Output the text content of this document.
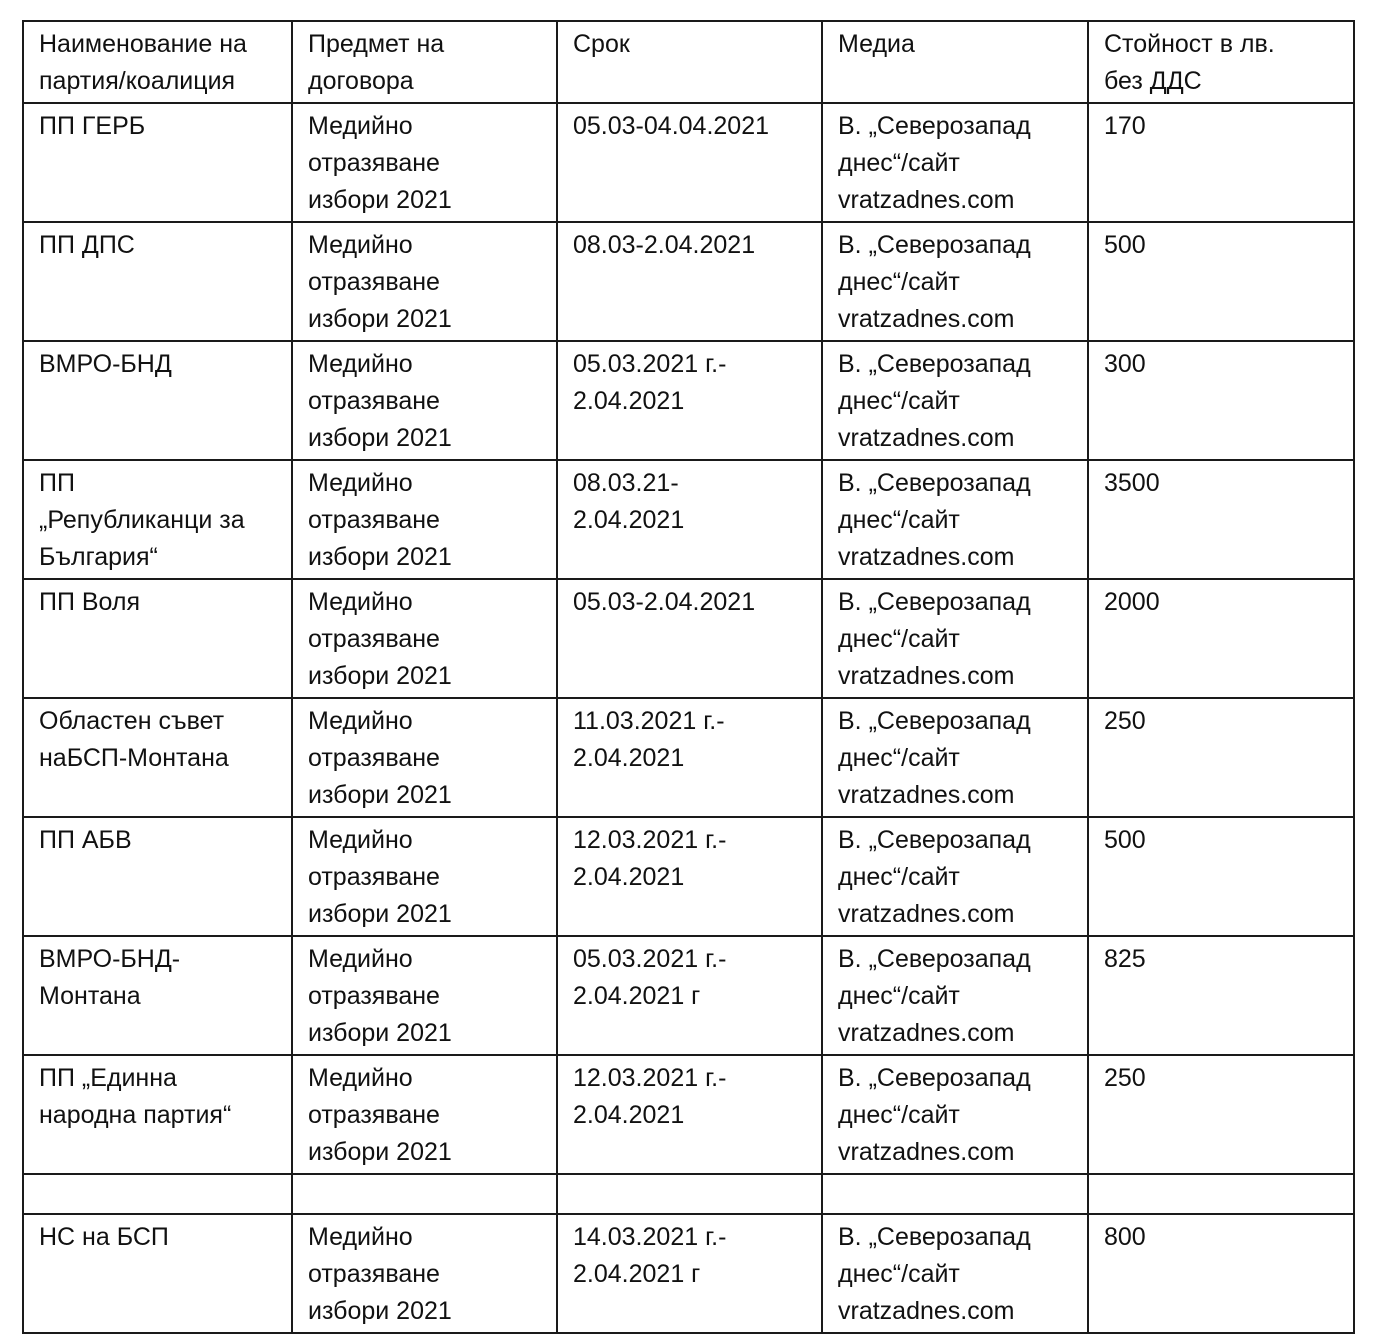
Наименование на
партия/коалиция	Предмет на
договора	Срок	Медиа	Стойност в лв.
без ДДС
ПП ГЕРБ	Медийно
отразяване
избори 2021	05.03-04.04.2021	В. „Северозапад
днес“/сайт
vratzadnes.com	170
ПП ДПС	Медийно
отразяване
избори 2021	08.03-2.04.2021	В. „Северозапад
днес“/сайт
vratzadnes.com	500
ВМРО-БНД	Медийно
отразяване
избори 2021	05.03.2021 г.-
2.04.2021	В. „Северозапад
днес“/сайт
vratzadnes.com	300
ПП
„Републиканци за
България“	Медийно
отразяване
избори 2021	08.03.21-
2.04.2021	В. „Северозапад
днес“/сайт
vratzadnes.com	3500
ПП Воля	Медийно
отразяване
избори 2021	05.03-2.04.2021	В. „Северозапад
днес“/сайт
vratzadnes.com	2000
Областен съвет
наБСП-Монтана	Медийно
отразяване
избори 2021	11.03.2021 г.-
2.04.2021	В. „Северозапад
днес“/сайт
vratzadnes.com	250
ПП АБВ	Медийно
отразяване
избори 2021	12.03.2021 г.-
2.04.2021	В. „Северозапад
днес“/сайт
vratzadnes.com	500
ВМРО-БНД-
Монтана	Медийно
отразяване
избори 2021	05.03.2021 г.-
2.04.2021 г	В. „Северозапад
днес“/сайт
vratzadnes.com	825
ПП „Единна
народна партия“	Медийно
отразяване
избори 2021	12.03.2021 г.-
2.04.2021	В. „Северозапад
днес“/сайт
vratzadnes.com	250

НС на БСП	Медийно
отразяване
избори 2021	14.03.2021 г.-
2.04.2021 г	В. „Северозапад
днес“/сайт
vratzadnes.com	800
